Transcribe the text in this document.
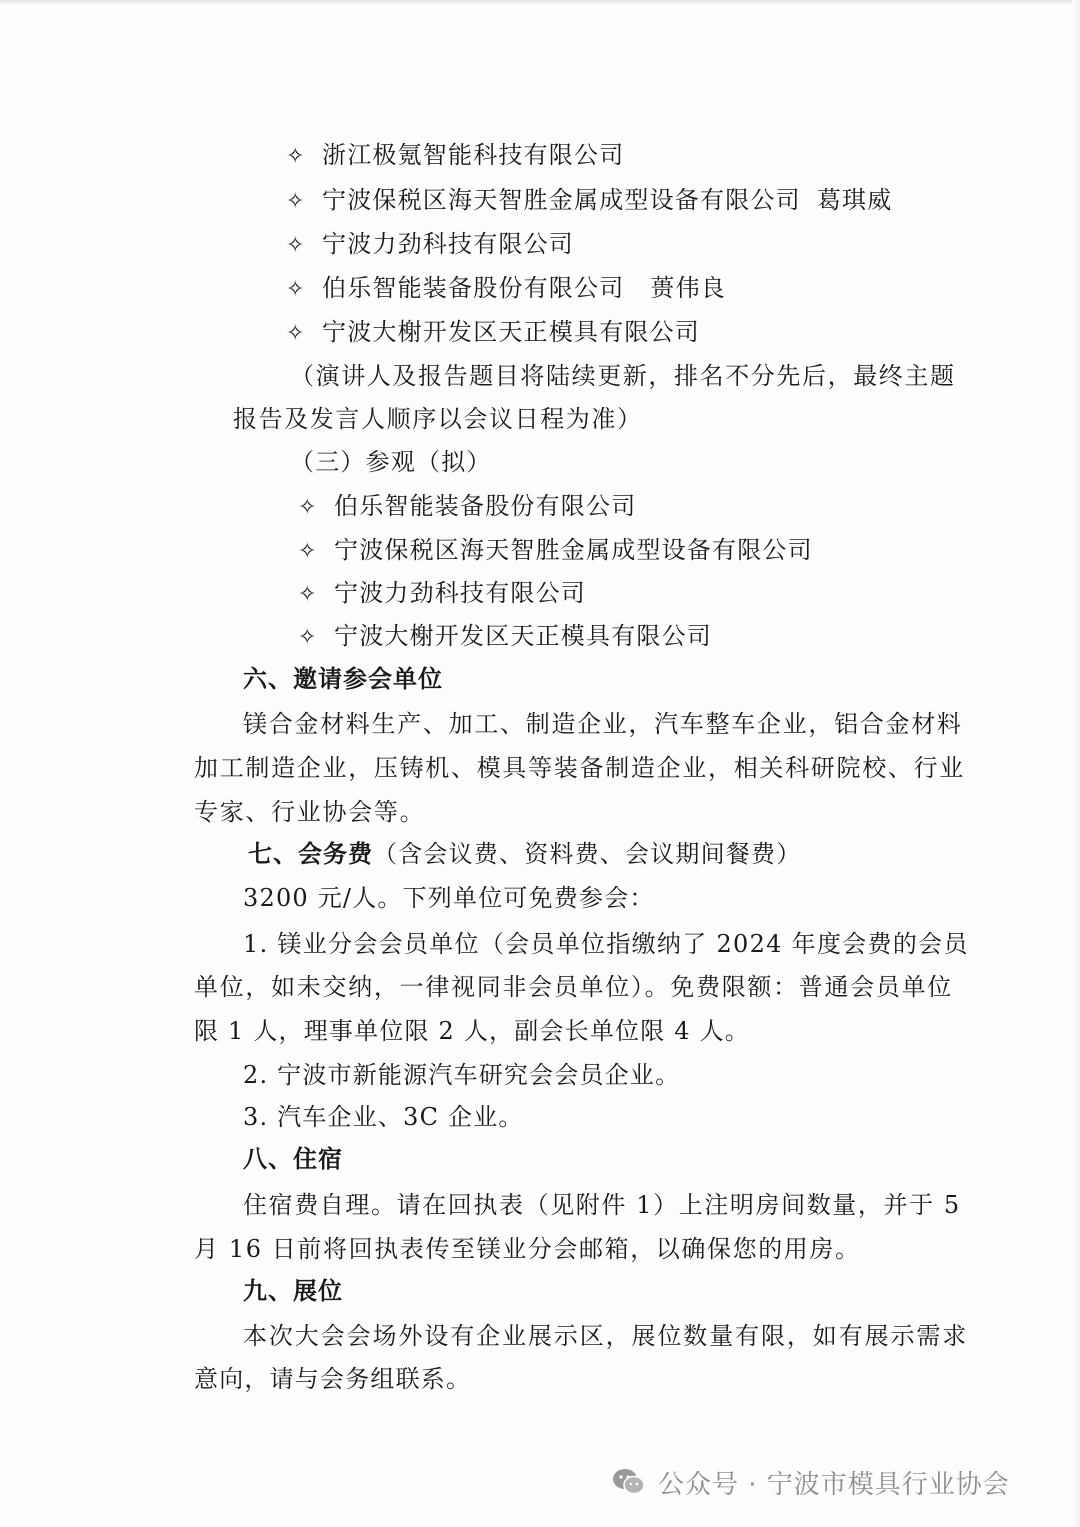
✧ 浙江极氪智能科技有限公司
✧ 宁波保税区海天智胜金属成型设备有限公司 葛琪威
✧ 宁波力劲科技有限公司
✧ 伯乐智能装备股份有限公司 蒉伟良
✧ 宁波大榭开发区天正模具有限公司
（演讲人及报告题目将陆续更新，排名不分先后，最终主题
报告及发言人顺序以会议日程为准）
（三）参观（拟）
✧ 伯乐智能装备股份有限公司
✧ 宁波保税区海天智胜金属成型设备有限公司
✧ 宁波力劲科技有限公司
✧ 宁波大榭开发区天正模具有限公司
六、邀请参会单位
镁合金材料生产、加工、制造企业，汽车整车企业，铝合金材料
加工制造企业，压铸机、模具等装备制造企业，相关科研院校、行业
专家、行业协会等。
七、会务费（含会议费、资料费、会议期间餐费）
3200 元/人。下列单位可免费参会：
1. 镁业分会会员单位（会员单位指缴纳了 2024 年度会费的会员
单位，如未交纳，一律视同非会员单位）。免费限额：普通会员单位
限 1 人，理事单位限 2 人，副会长单位限 4 人。
2. 宁波市新能源汽车研究会会员企业。
3. 汽车企业、3C 企业。
八、住宿
住宿费自理。请在回执表（见附件 1）上注明房间数量，并于 5
月 16 日前将回执表传至镁业分会邮箱，以确保您的用房。
九、展位
本次大会会场外设有企业展示区，展位数量有限，如有展示需求
意向，请与会务组联系。
公众号 · 宁波市模具行业协会
